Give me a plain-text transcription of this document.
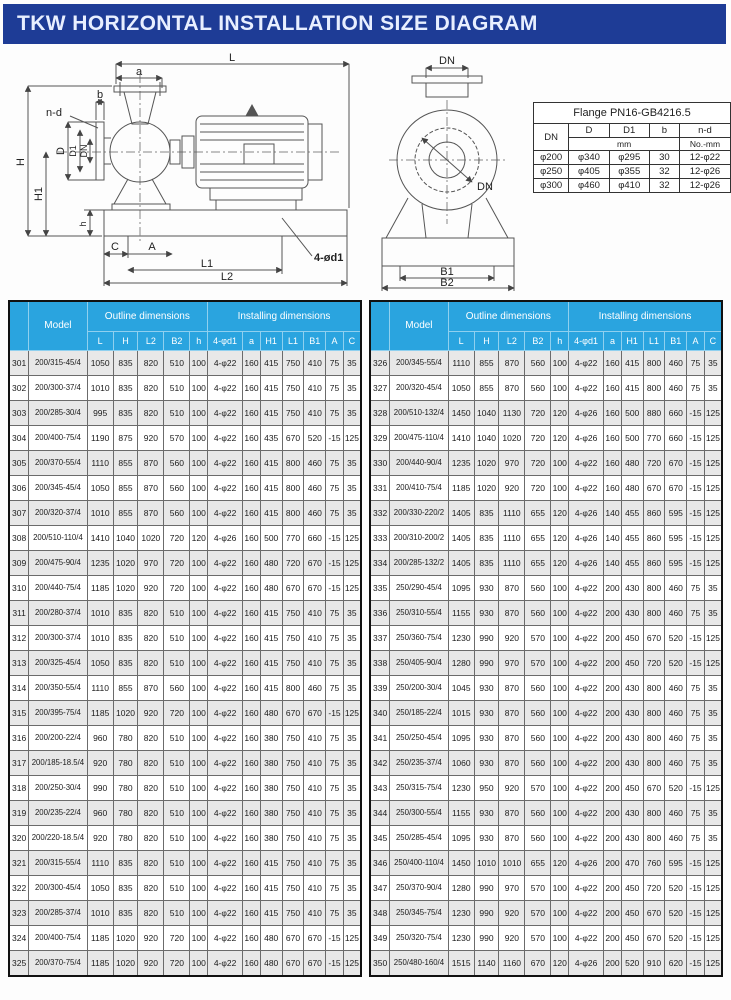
TKW HORIZONTAL INSTALLATION SIZE DIAGRAM
L
a
b
n-d
D D1 DN
H
H1
h
C	A
L1
L2
4-ød1
DN
DN
B1
B2
Flange PN16-GB4216.5				
DN	D	D1	b	n-d
	mm			No.-mm
φ200	φ340	φ295	30	12-φ22
φ250	φ405	φ355	32	12-φ26
φ300	φ460	φ410	32	12-φ26
	Model	Outline dimensions					Installing dimensions						
		L	H	L2	B2	h	4-φd1	a	H1	L1	B1	A	C
301	200/315-45/4	1050	835	820	510	100	4-φ22	160	415	750	410	75	35
302	200/300-37/4	1010	835	820	510	100	4-φ22	160	415	750	410	75	35
303	200/285-30/4	995	835	820	510	100	4-φ22	160	415	750	410	75	35
304	200/400-75/4	1190	875	920	570	100	4-φ22	160	435	670	520	-15	125
305	200/370-55/4	1110	855	870	560	100	4-φ22	160	415	800	460	75	35
306	200/345-45/4	1050	855	870	560	100	4-φ22	160	415	800	460	75	35
307	200/320-37/4	1010	855	870	560	100	4-φ22	160	415	800	460	75	35
308	200/510-110/4	1410	1040	1020	720	120	4-φ26	160	500	770	660	-15	125
309	200/475-90/4	1235	1020	970	720	100	4-φ22	160	480	720	670	-15	125
310	200/440-75/4	1185	1020	920	720	100	4-φ22	160	480	670	670	-15	125
311	200/280-37/4	1010	835	820	510	100	4-φ22	160	415	750	410	75	35
312	200/300-37/4	1010	835	820	510	100	4-φ22	160	415	750	410	75	35
313	200/325-45/4	1050	835	820	510	100	4-φ22	160	415	750	410	75	35
314	200/350-55/4	1110	855	870	560	100	4-φ22	160	415	800	460	75	35
315	200/395-75/4	1185	1020	920	720	100	4-φ22	160	480	670	670	-15	125
316	200/200-22/4	960	780	820	510	100	4-φ22	160	380	750	410	75	35
317	200/185-18.5/4	920	780	820	510	100	4-φ22	160	380	750	410	75	35
318	200/250-30/4	990	780	820	510	100	4-φ22	160	380	750	410	75	35
319	200/235-22/4	960	780	820	510	100	4-φ22	160	380	750	410	75	35
320	200/220-18.5/4	920	780	820	510	100	4-φ22	160	380	750	410	75	35
321	200/315-55/4	1110	835	820	510	100	4-φ22	160	415	750	410	75	35
322	200/300-45/4	1050	835	820	510	100	4-φ22	160	415	750	410	75	35
323	200/285-37/4	1010	835	820	510	100	4-φ22	160	415	750	410	75	35
324	200/400-75/4	1185	1020	920	720	100	4-φ22	160	480	670	670	-15	125
325	200/370-75/4	1185	1020	920	720	100	4-φ22	160	480	670	670	-15	125
	Model	Outline dimensions					Installing dimensions						
		L	H	L2	B2	h	4-φd1	a	H1	L1	B1	A	C
326	200/345-55/4	1110	855	870	560	100	4-φ22	160	415	800	460	75	35
327	200/320-45/4	1050	855	870	560	100	4-φ22	160	415	800	460	75	35
328	200/510-132/4	1450	1040	1130	720	120	4-φ26	160	500	880	660	-15	125
329	200/475-110/4	1410	1040	1020	720	120	4-φ26	160	500	770	660	-15	125
330	200/440-90/4	1235	1020	970	720	100	4-φ22	160	480	720	670	-15	125
331	200/410-75/4	1185	1020	920	720	100	4-φ22	160	480	670	670	-15	125
332	200/330-220/2	1405	835	1110	655	120	4-φ26	140	455	860	595	-15	125
333	200/310-200/2	1405	835	1110	655	120	4-φ26	140	455	860	595	-15	125
334	200/285-132/2	1405	835	1110	655	120	4-φ26	140	455	860	595	-15	125
335	250/290-45/4	1095	930	870	560	100	4-φ22	200	430	800	460	75	35
336	250/310-55/4	1155	930	870	560	100	4-φ22	200	430	800	460	75	35
337	250/360-75/4	1230	990	920	570	100	4-φ22	200	450	670	520	-15	125
338	250/405-90/4	1280	990	970	570	100	4-φ22	200	450	720	520	-15	125
339	250/200-30/4	1045	930	870	560	100	4-φ22	200	430	800	460	75	35
340	250/185-22/4	1015	930	870	560	100	4-φ22	200	430	800	460	75	35
341	250/250-45/4	1095	930	870	560	100	4-φ22	200	430	800	460	75	35
342	250/235-37/4	1060	930	870	560	100	4-φ22	200	430	800	460	75	35
343	250/315-75/4	1230	950	920	570	100	4-φ22	200	450	670	520	-15	125
344	250/300-55/4	1155	930	870	560	100	4-φ22	200	430	800	460	75	35
345	250/285-45/4	1095	930	870	560	100	4-φ22	200	430	800	460	75	35
346	250/400-110/4	1450	1010	1010	655	120	4-φ26	200	470	760	595	-15	125
347	250/370-90/4	1280	990	970	570	100	4-φ22	200	450	720	520	-15	125
348	250/345-75/4	1230	990	920	570	100	4-φ22	200	450	670	520	-15	125
349	250/320-75/4	1230	990	920	570	100	4-φ22	200	450	670	520	-15	125
350	250/480-160/4	1515	1140	1160	670	120	4-φ26	200	520	910	620	-15	125
